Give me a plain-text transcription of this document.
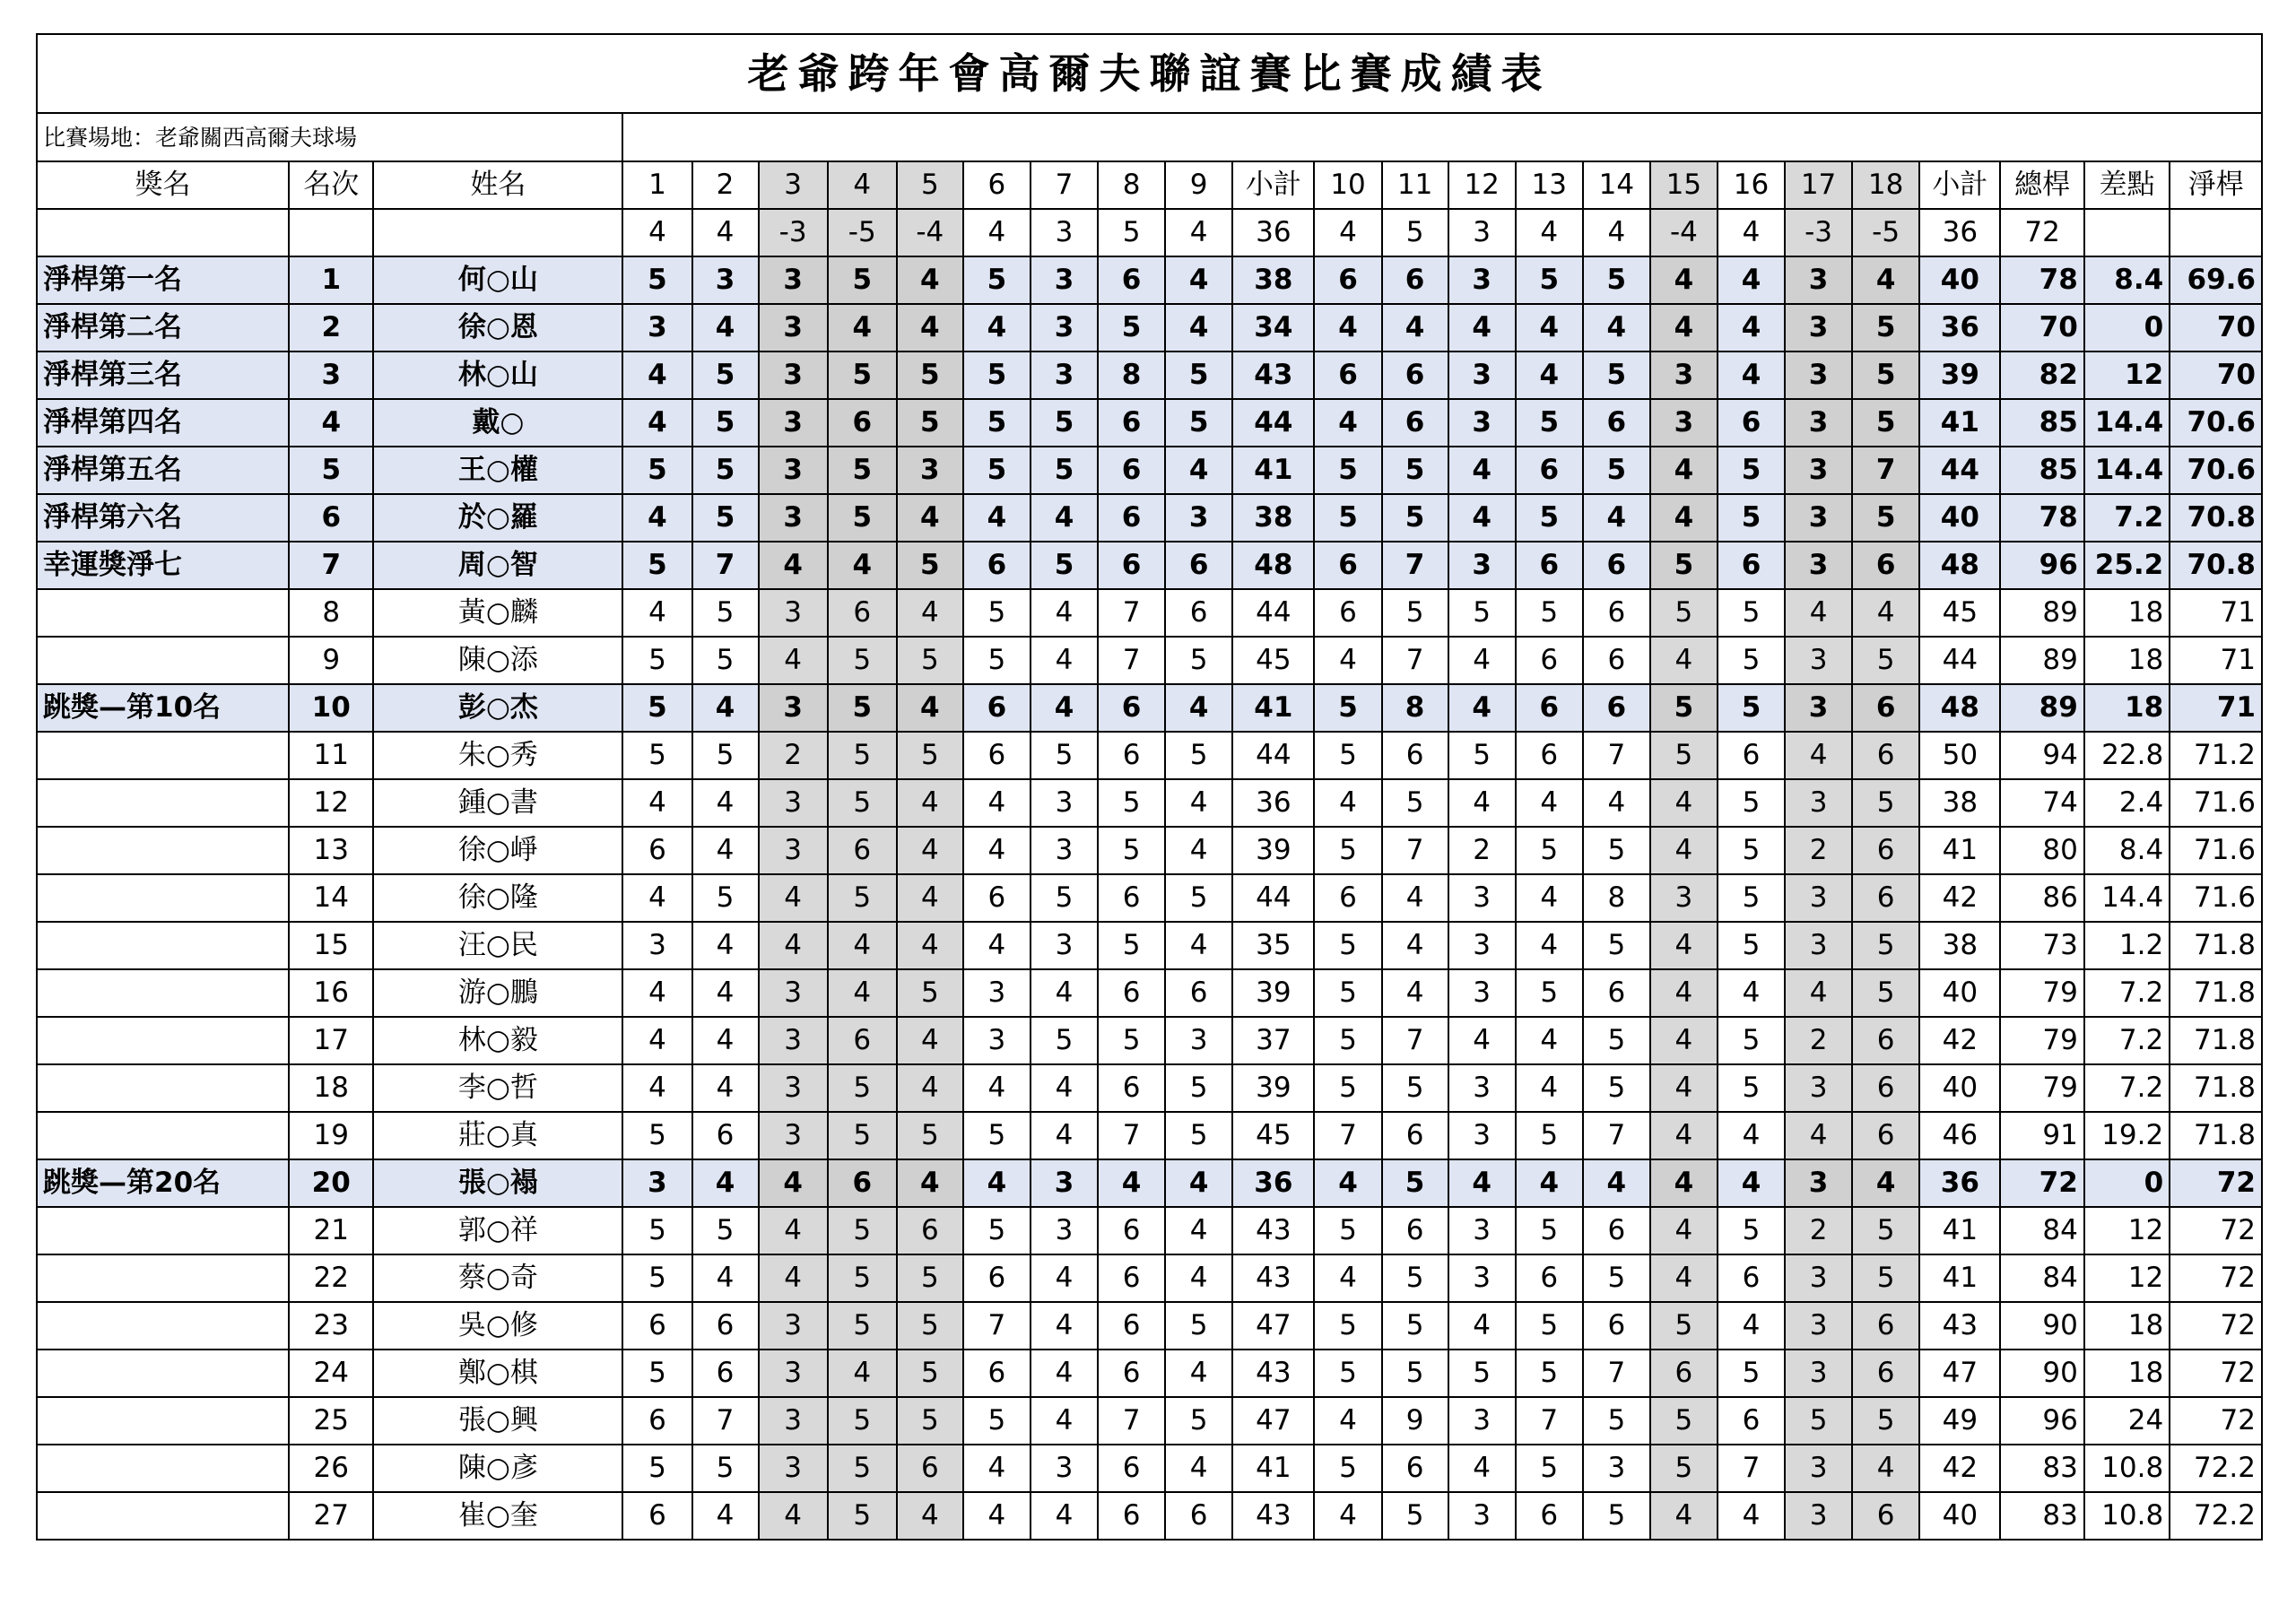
老爺跨年會高爾夫聯誼賽比賽成績表																									
比賽場地：老爺關西高爾夫球場																									
獎名	名次	姓名	1	2	3	4	5	6	7	8	9	小計	10	11	12	13	14	15	16	17	18	小計	總桿	差點	淨桿
			4	4	-3	-5	-4	4	3	5	4	36	4	5	3	4	4	-4	4	-3	-5	36	72		
淨桿第一名	1	何○山	5	3	3	5	4	5	3	6	4	38	6	6	3	5	5	4	4	3	4	40	78	8.4	69.6
淨桿第二名	2	徐○恩	3	4	3	4	4	4	3	5	4	34	4	4	4	4	4	4	4	3	5	36	70	0	70
淨桿第三名	3	林○山	4	5	3	5	5	5	3	8	5	43	6	6	3	4	5	3	4	3	5	39	82	12	70
淨桿第四名	4	戴○	4	5	3	6	5	5	5	6	5	44	4	6	3	5	6	3	6	3	5	41	85	14.4	70.6
淨桿第五名	5	王○權	5	5	3	5	3	5	5	6	4	41	5	5	4	6	5	4	5	3	7	44	85	14.4	70.6
淨桿第六名	6	於○羅	4	5	3	5	4	4	4	6	3	38	5	5	4	5	4	4	5	3	5	40	78	7.2	70.8
幸運獎淨七	7	周○智	5	7	4	4	5	6	5	6	6	48	6	7	3	6	6	5	6	3	6	48	96	25.2	70.8
	8	黃○麟	4	5	3	6	4	5	4	7	6	44	6	5	5	5	6	5	5	4	4	45	89	18	71
	9	陳○添	5	5	4	5	5	5	4	7	5	45	4	7	4	6	6	4	5	3	5	44	89	18	71
跳獎—第10名	10	彭○杰	5	4	3	5	4	6	4	6	4	41	5	8	4	6	6	5	5	3	6	48	89	18	71
	11	朱○秀	5	5	2	5	5	6	5	6	5	44	5	6	5	6	7	5	6	4	6	50	94	22.8	71.2
	12	鍾○書	4	4	3	5	4	4	3	5	4	36	4	5	4	4	4	4	5	3	5	38	74	2.4	71.6
	13	徐○崢	6	4	3	6	4	4	3	5	4	39	5	7	2	5	5	4	5	2	6	41	80	8.4	71.6
	14	徐○隆	4	5	4	5	4	6	5	6	5	44	6	4	3	4	8	3	5	3	6	42	86	14.4	71.6
	15	汪○民	3	4	4	4	4	4	3	5	4	35	5	4	3	4	5	4	5	3	5	38	73	1.2	71.8
	16	游○鵬	4	4	3	4	5	3	4	6	6	39	5	4	3	5	6	4	4	4	5	40	79	7.2	71.8
	17	林○毅	4	4	3	6	4	3	5	5	3	37	5	7	4	4	5	4	5	2	6	42	79	7.2	71.8
	18	李○哲	4	4	3	5	4	4	4	6	5	39	5	5	3	4	5	4	5	3	6	40	79	7.2	71.8
	19	莊○真	5	6	3	5	5	5	4	7	5	45	7	6	3	5	7	4	4	4	6	46	91	19.2	71.8
跳獎—第20名	20	張○褟	3	4	4	6	4	4	3	4	4	36	4	5	4	4	4	4	4	3	4	36	72	0	72
	21	郭○祥	5	5	4	5	6	5	3	6	4	43	5	6	3	5	6	4	5	2	5	41	84	12	72
	22	蔡○奇	5	4	4	5	5	6	4	6	4	43	4	5	3	6	5	4	6	3	5	41	84	12	72
	23	吳○修	6	6	3	5	5	7	4	6	5	47	5	5	4	5	6	5	4	3	6	43	90	18	72
	24	鄭○棋	5	6	3	4	5	6	4	6	4	43	5	5	5	5	7	6	5	3	6	47	90	18	72
	25	張○興	6	7	3	5	5	5	4	7	5	47	4	9	3	7	5	5	6	5	5	49	96	24	72
	26	陳○彥	5	5	3	5	6	4	3	6	4	41	5	6	4	5	3	5	7	3	4	42	83	10.8	72.2
	27	崔○奎	6	4	4	5	4	4	4	6	6	43	4	5	3	6	5	4	4	3	6	40	83	10.8	72.2
